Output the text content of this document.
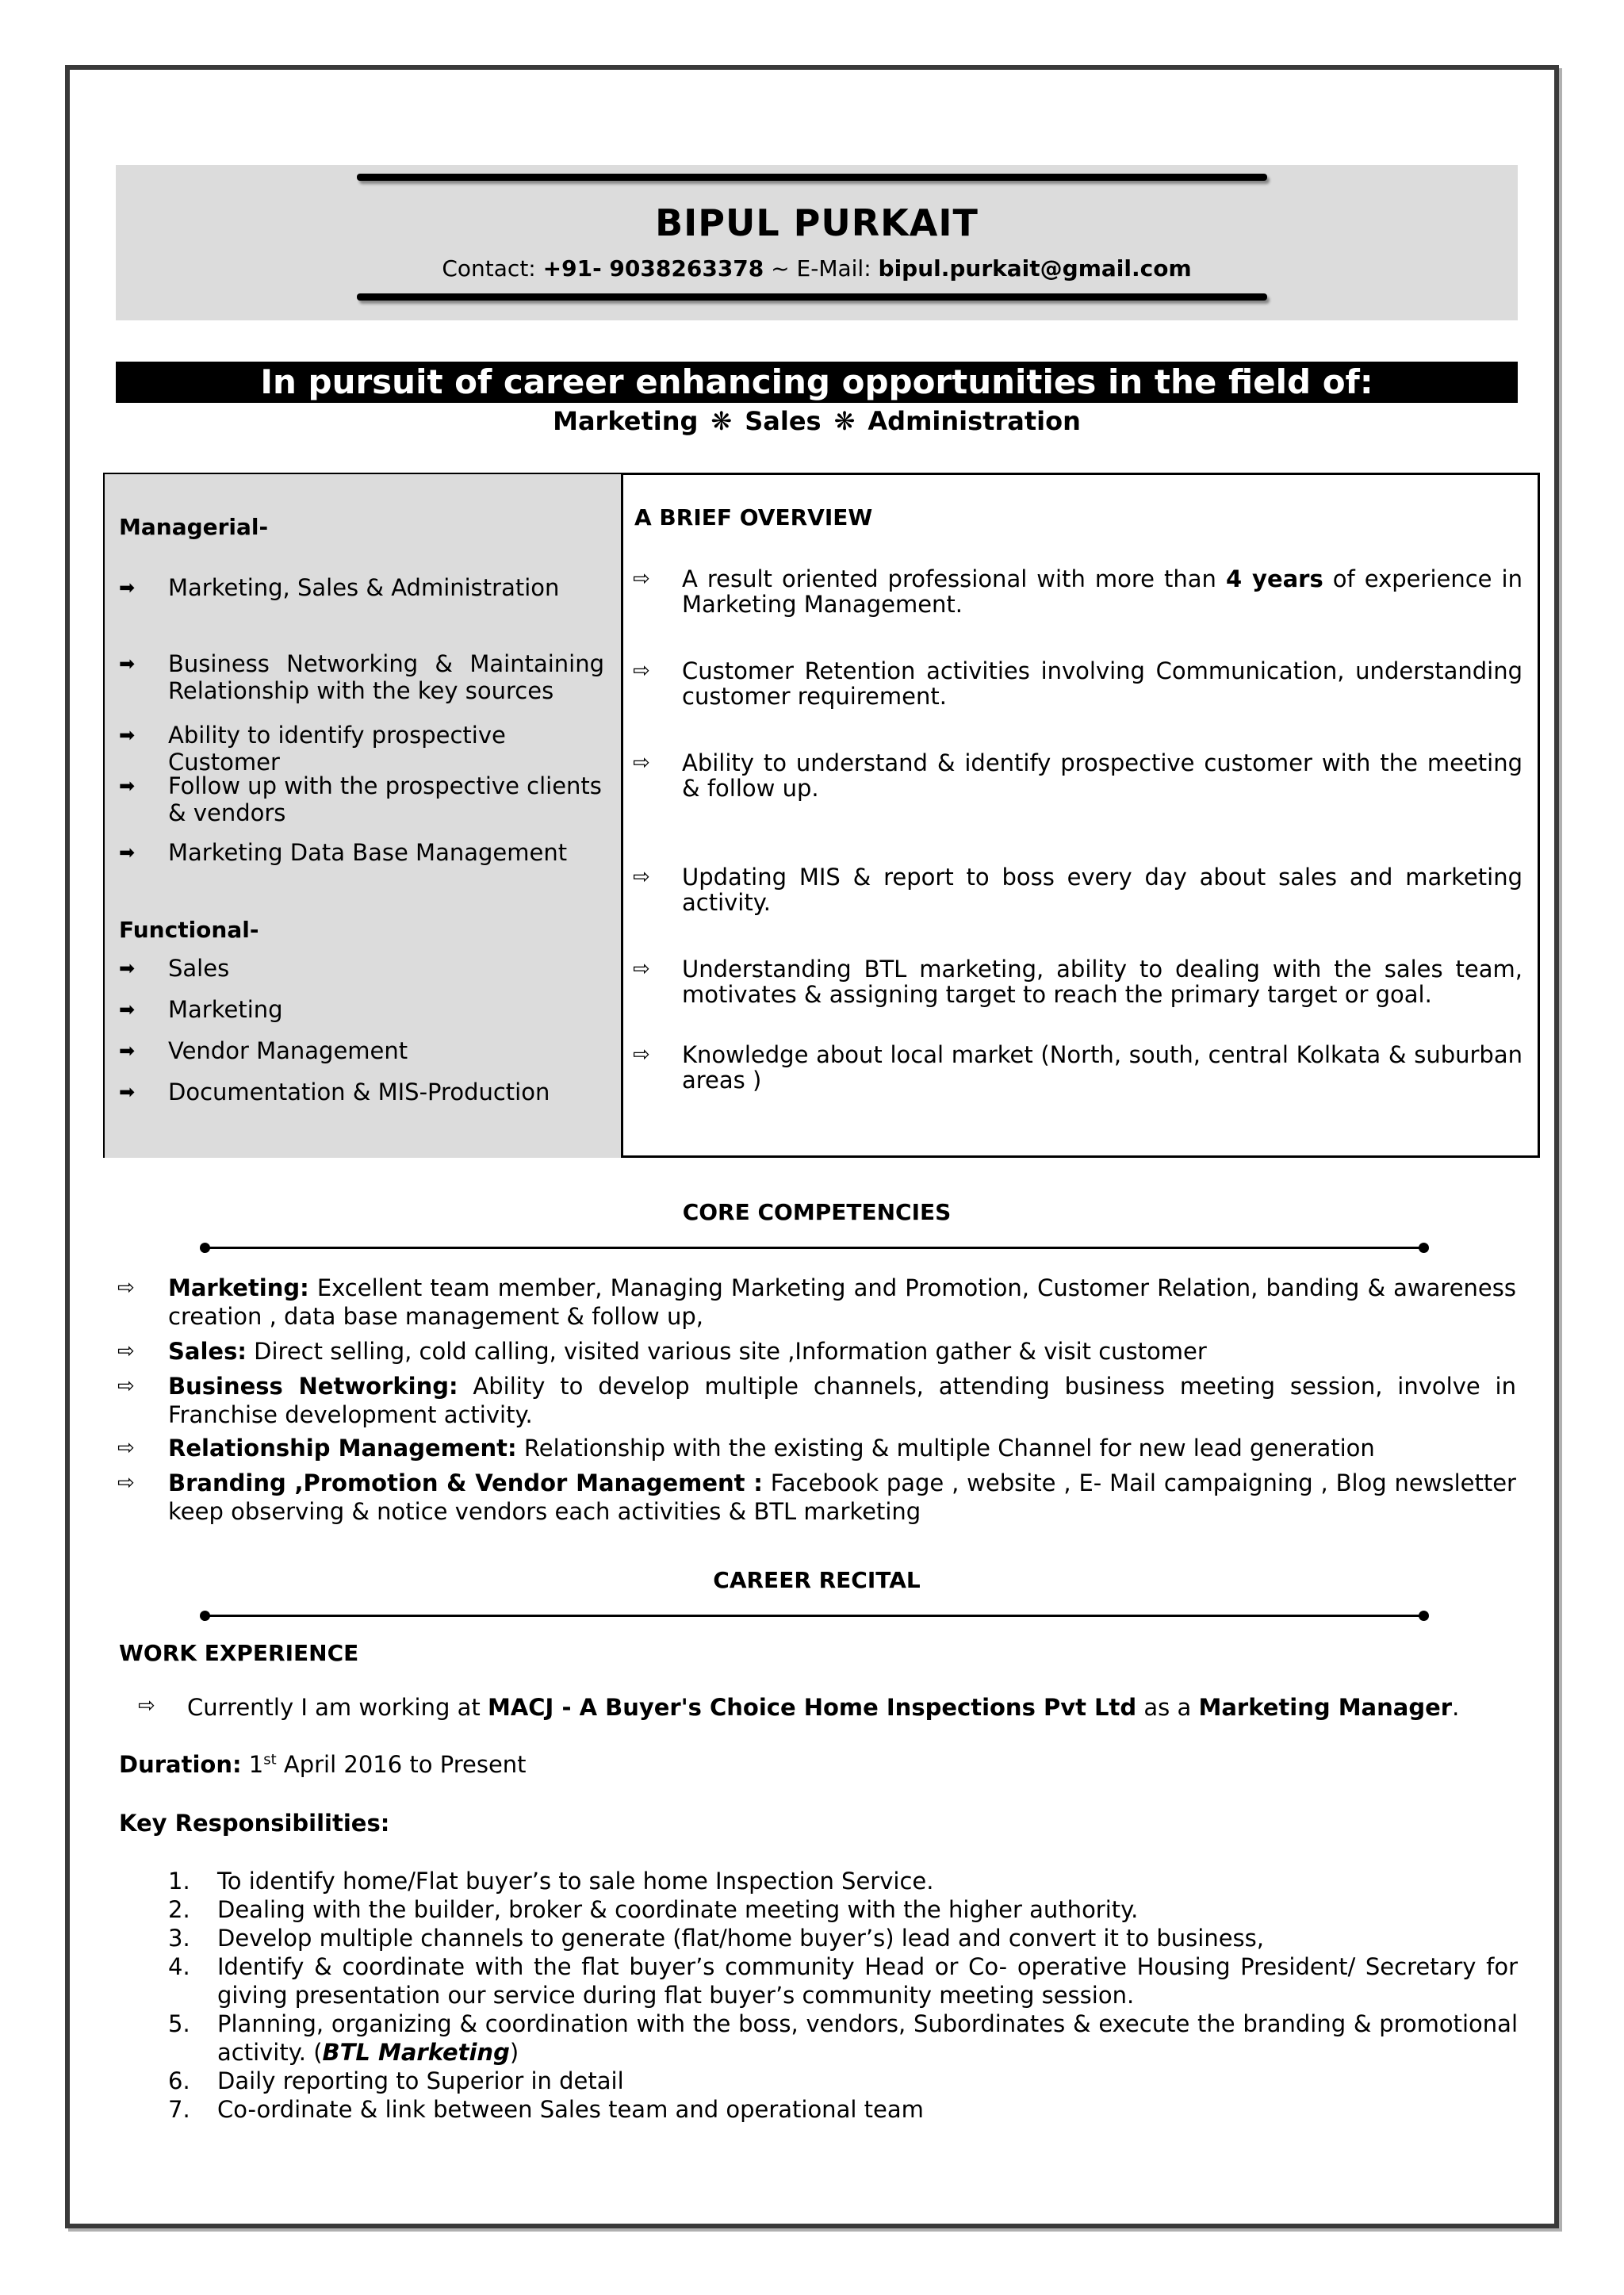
BIPUL PURKAIT
Contact: +91- 9038263378 ~ E-Mail: bipul.purkait@gmail.com
In pursuit of career enhancing opportunities in the field of:
Marketing ❋ Sales ❋ Administration
Managerial-
➡ Marketing, Sales & Administration
➡ Business Networking & Maintaining Relationship with the key sources
➡ Ability to identify prospective Customer
➡ Follow up with the prospective clients & vendors
➡ Marketing Data Base Management
Functional-
➡ Sales
➡ Marketing
➡ Vendor Management
➡ Documentation & MIS-Production
A BRIEF OVERVIEW
⇨ A result oriented professional with more than 4 years of experience in Marketing Management.
⇨ Customer Retention activities involving Communication, understanding customer requirement.
⇨ Ability to understand & identify prospective customer with the meeting & follow up.
⇨ Updating MIS & report to boss every day about sales and marketing activity.
⇨ Understanding BTL marketing, ability to dealing with the sales team, motivates & assigning target to reach the primary target or goal.
⇨ Knowledge about local market (North, south, central Kolkata & suburban areas )
CORE COMPETENCIES
⇨ Marketing: Excellent team member, Managing Marketing and Promotion, Customer Relation, banding & awareness creation , data base management & follow up,
⇨ Sales: Direct selling, cold calling, visited various site ,Information gather & visit customer
⇨ Business Networking: Ability to develop multiple channels, attending business meeting session, involve in Franchise development activity.
⇨ Relationship Management: Relationship with the existing & multiple Channel for new lead generation
⇨ Branding ,Promotion & Vendor Management : Facebook page , website , E- Mail campaigning , Blog newsletter keep observing & notice vendors each activities & BTL marketing
CAREER RECITAL
WORK EXPERIENCE
⇨ Currently I am working at MACJ - A Buyer's Choice Home Inspections Pvt Ltd as a Marketing Manager.
Duration: 1st April 2016 to Present
Key Responsibilities:
1. To identify home/Flat buyer’s to sale home Inspection Service.
2. Dealing with the builder, broker & coordinate meeting with the higher authority.
3. Develop multiple channels to generate (flat/home buyer’s) lead and convert it to business,
4. Identify & coordinate with the flat buyer’s community Head or Co- operative Housing President/ Secretary for giving presentation our service during flat buyer’s community meeting session.
5. Planning, organizing & coordination with the boss, vendors, Subordinates & execute the branding & promotional activity. (BTL Marketing)
6. Daily reporting to Superior in detail
7. Co-ordinate & link between Sales team and operational team
